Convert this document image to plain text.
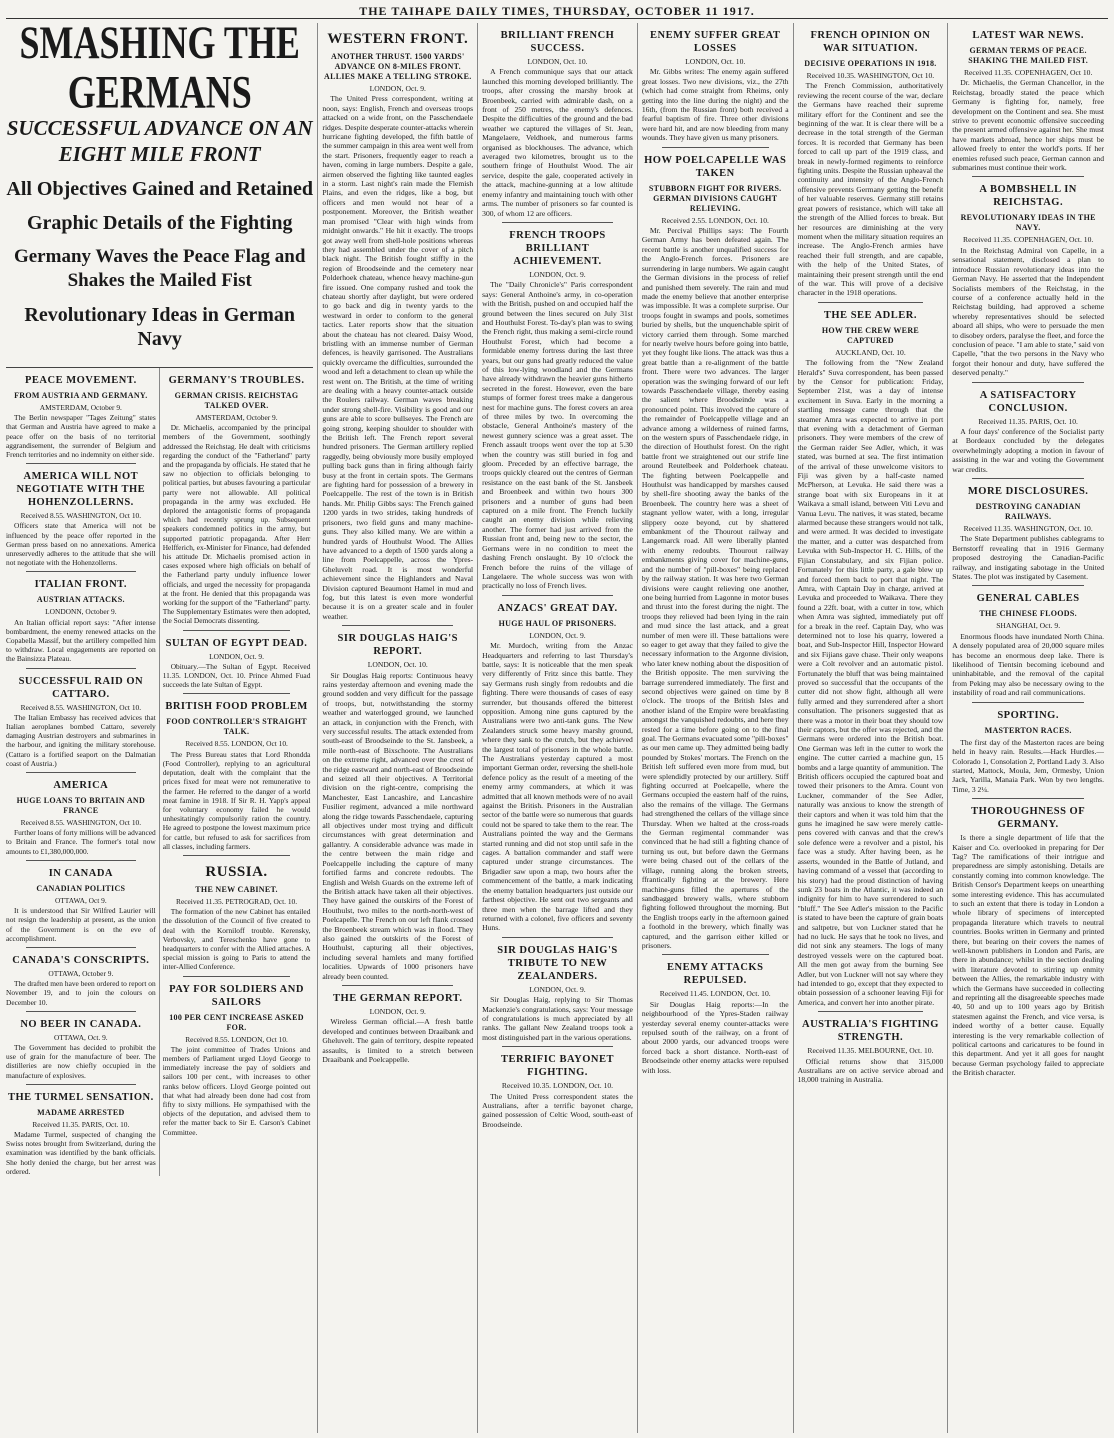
THE TAIHAPE DAILY TIMES, THURSDAY, OCTOBER 11 1917.
SMASHING THE GERMANS
SUCCESSFUL ADVANCE ON AN EIGHT MILE FRONT
All Objectives Gained and Retained
Graphic Details of the Fighting
Germany Waves the Peace Flag and Shakes the Mailed Fist
Revolutionary Ideas in German Navy
PEACE MOVEMENT.
FROM AUSTRIA AND GERMANY.
AMSTERDAM, October 9.

The Berlin newspaper "Tages Zeitung" states that German and Austria have agreed to make a peace offer on the basis of no territorial aggrandisement, the surrender of Belgium and French territories and no indemnity on either side.

AMERICA WILL NOT NEGOTIATE WITH THE HOHENZOLLERNS.
Received 8.55. WASHINGTON, Oct 10.

Officers state that America will not be influenced by the peace offer reported in the German press based on no annexations. America unreservedly adheres to the attitude that she will not negotiate with the Hohenzollerns.

ITALIAN FRONT.
AUSTRIAN ATTACKS.
LONDONN, October 9.

An Italian official report says: "After intense bombardment, the enemy renewed attacks on the Copabella Massif, but the artillery compelled him to withdraw. Local engagements are reported on the Bainsizza Plateau.

SUCCESSFUL RAID ON CATTARO.
Received 8.55. WASHINGTON, Oct 10.

The Italian Embassy has received advices that Italian aeroplanes bombed Cattaro, severely damaging Austrian destroyers and submarines in the harbour, and igniting the military storehouse. (Cattaro is a fortified seaport on the Dalmatian coast of Austria.)

AMERICA
HUGE LOANS TO BRITAIN AND FRANCE
Received 8.55. WASHINGTON, Oct 10.

Further loans of forty millions will be advanced to Britain and France. The former's total now amounts to £1,380,000,000.

IN CANADA
CANADIAN POLITICS
OTTAWA, Oct 9.

It is understood that Sir Wilfred Laurier will not resign the leadership at present, as the union of the Government is on the eve of accomplishment.

CANADA'S CONSCRIPTS.
OTTAWA, October 9.

The drafted men have been ordered to report on November 19, and to join the colours on December 10.

NO BEER IN CANADA.
OTTAWA, Oct. 9.

The Government has decided to prohibit the use of grain for the manufacture of beer. The distilleries are now chiefly occupied in the manufacture of explosives.

THE TURMEL SENSATION.
MADAME ARRESTED
Received 11.35. PARIS, Oct. 10.

Madame Turmel, suspected of changing the Swiss notes brought from Switzerland, during the examination was identified by the bank officials. She hotly denied the charge, but her arrest was ordered.

GERMANY'S TROUBLES.
GERMAN CRISIS. REICHSTAG TALKED OVER.
AMSTERDAM, October 9.

Dr. Michaelis, accompanied by the principal members of the Government, soothingly addressed the Reichstag. He dealt with criticisms regarding the conduct of the "Fatherland" party and the propaganda by officials. He stated that he saw no objection to officials belonging to political parties, but abuses favouring a particular party were not allowable. All political propaganda in the army was excluded. He deplored the antagonistic forms of propaganda which had recently sprung up. Subsequent speakers condemned politics in the army, but supported patriotic propaganda. After Herr Helfferich, ex-Minister for Finance, had defended his attitude Dr. Michaelis promised action in cases exposed where high officials on behalf of the Fatherland party unduly influence lower officials, and urged the necessity for propaganda at the front. He denied that this propaganda was working for the support of the "Fatherland" party. The Supplementary Estimates were then adopted, the Social Democrats dissenting.

SULTAN OF EGYPT DEAD.
LONDON, Oct. 9.

Obituary.—The Sultan of Egypt. Received 11.35. LONDON, Oct. 10. Prince Ahmed Fuad succeeds the late Sultan of Egypt.

BRITISH FOOD PROBLEM
FOOD CONTROLLER'S STRAIGHT TALK.
Received 8.55. LONDON, Oct 10.

The Press Bureau states that Lord Rhondda (Food Controller), replying to an agricultural deputation, dealt with the complaint that the prices fixed for meat were not remunerative to the farmer. He referred to the danger of a world meat famine in 1918. If Sir R. H. Yapp's appeal for voluntary economy failed he would unhesitatingly compulsorily ration the country. He agreed to postpone the lowest maximum price for cattle, but refused to ask for sacrifices from all classes, including farmers.

RUSSIA.
THE NEW CABINET.
Received 11.35. PETROGRAD, Oct. 10.

The formation of the new Cabinet has entailed the dissolution of the Council of five created to deal with the Korniloff trouble. Kerensky, Verbovsky, and Tereschenko have gone to headquarters to confer with the Allied attaches. A special mission is going to Paris to attend the inter-Allied Conference.

PAY FOR SOLDIERS AND SAILORS
100 PER CENT INCREASE ASKED FOR.
Received 8.55. LONDON, Oct 10.

The joint committee of Trades Unions and members of Parliament urged Lloyd George to immediately increase the pay of soldiers and sailors 100 per cent., with increases to other ranks below officers. Lloyd George pointed out that what had already been done had cost from fifty to sixty millions. He sympathised with the objects of the deputation, and advised them to refer the matter back to Sir E. Carson's Cabinet Committee.

WESTERN FRONT.
ANOTHER THRUST. 1500 YARDS' ADVANCE ON 8-MILES FRONT. ALLIES MAKE A TELLING STROKE.
LONDON, Oct. 9.

The United Press correspondent, writing at noon, says: English, French and overseas troops attacked on a wide front, on the Passchendaele ridges. Despite desperate counter-attacks wherein hurricane fighting developed, the fifth battle of the summer campaign in this area went well from the start. Prisoners, frequently eager to reach a haven, coming in large numbers. Despite a gale, airmen observed the fighting like taunted eagles in a storm. Last night's rain made the Flemish Plains, and even the ridges, like a bog, but officers and men would not hear of a postponement. Moreover, the British weather man promised "Clear with high winds from midnight onwards." He hit it exactly. The troops got away well from shell-hole positions whereas they had assembled under the cover of a pitch black night. The British fought stiffly in the region of Broodseinde and the cemetery near Polderhoek chateau, whence heavy machine-gun fire issued. One company rushed and took the chateau shortly after daylight, but were ordered to go back and dig in twenty yards to the westward in order to conform to the general tactics. Later reports show that the situation about the chateau has not cleared. Daisy Wood, bristling with an immense number of German defences, is heavily garrisoned. The Australians quickly overcame the difficulties, surrounded the wood and left a detachment to clean up while the rest went on. The British, at the time of writing are dealing with a heavy counter-attack outside the Roulers railway. German waves breaking under strong shell-fire. Visibility is good and our guns are able to score bullseyes. The French are going strong, keeping shoulder to shoulder with the British left. The French report several hundred prisoners. The German artillery replied raggedly, being obviously more busily employed pulling back guns than in firing although fairly busy at the front in certain spots. The Germans are fighting hard for possession of a brewery in Poelcappelle. The rest of the town is in British hands. Mr. Philip Gibbs says: The French gained 1200 yards in two strides, taking hundreds of prisoners, two field guns and many machine-guns. They also killed many. We are within a hundred yards of Houthulst Wood. The Allies have advanced to a depth of 1500 yards along a line from Poelcappelle, across the Ypres-Gheluvelt road. It is most wonderful achievement since the Highlanders and Naval Division captured Beaumont Hamel in mud and fog, but this latest is even more wonderful because it is on a greater scale and in fouler weather.

SIR DOUGLAS HAIG'S REPORT.
LONDON, Oct. 10.

Sir Douglas Haig reports: Continuous heavy rains yesterday afternoon and evening made the ground sodden and very difficult for the passage of troops, but, notwithstanding the stormy weather and waterlogged ground, we launched an attack, in conjunction with the French, with very successful results. The attack extended from south-east of Broodseinde to the St. Jansbeek, a mile north-east of Bixschoote. The Australians on the extreme right, advanced over the crest of the ridge eastward and north-east of Broodseinde and seized all their objectives. A Territorial division on the right-centre, comprising the Manchester, East Lancashire, and Lancashire Fusilier regiment, advanced a mile northward along the ridge towards Passchendaele, capturing all objectives under most trying and difficult circumstances with great determination and gallantry. A considerable advance was made in the centre between the main ridge and Poelcappelle including the capture of many fortified farms and concrete redoubts. The English and Welsh Guards on the extreme left of the British attack have taken all their objectives. They have gained the outskirts of the Forest of Houthulst, two miles to the north-north-west of Poelcapelle. The French on our left flank crossed the Broenbeek stream which was in flood. They also gained the outskirts of the Forest of Houthulst, capturing all their objectives, including several hamlets and many fortified localities. Upwards of 1000 prisoners have already been counted.

THE GERMAN REPORT.
LONDON, Oct. 9.

Wireless German official.—A fresh battle developed and continues between Draaibank and Gheluvelt. The gain of territory, despite repeated assaults, is limited to a stretch between Draaibank and Poelcappelle.

BRILLIANT FRENCH SUCCESS.
LONDON, Oct. 10.

A French communique says that our attack launched this morning developed brilliantly. The troops, after crossing the marshy brook at Broenbeek, carried with admirable dash, on a front of 250 metres, the enemy's defences. Despite the difficulties of the ground and the bad weather we captured the villages of St. Jean, Mangelaere, Veldhoek, and numerous farms organised as blockhouses. The advance, which averaged two kilometres, brought us to the southern fringe of Houthulst Wood. The air service, despite the gale, cooperated actively in the attack, machine-gunning at a low altitude enemy infantry and maintaining touch with other arms. The number of prisoners so far counted is 300, of whom 12 are officers.

FRENCH TROOPS BRILLIANT ACHIEVEMENT.
LONDON, Oct. 9.

The "Daily Chronicle's" Paris correspondent says: General Anthoine's army, in co-operation with the British, pushed on and occupied half the ground between the lines secured on July 31st and Houthulst Forest. To-day's plan was to swing the French right, thus making a semi-circle round Houthulst Forest, which had become a formidable enemy fortress during the last three years, but our guns had greatly reduced the value of this low-lying woodland and the Germans have already withdrawn the heavier guns hitherto secreted in the forest. However, even the bare stumps of former forest trees make a dangerous nest for machine guns. The forest covers an area of three miles by two. In overcoming the obstacle, General Anthoine's mastery of the newest gunnery science was a great asset. The French assault troops went over the top at 5.30 when the country was still buried in fog and gloom. Preceded by an effective barrage, the troops quickly cleared out the centres of German resistance on the east bank of the St. Jansbeek and Broenbeek and within two hours 300 prisoners and a number of guns had been captured on a mile front. The French luckily caught an enemy division while relieving another. The former had just arrived from the Russian front and, being new to the sector, the Germans were in no condition to meet the dashing French onslaught. By 10 o'clock the French before the ruins of the village of Langelaere. The whole success was won with practically no loss of French lives.

ANZACS' GREAT DAY.
HUGE HAUL OF PRISONERS.
LONDON, Oct. 9.

Mr. Murdoch, writing from the Anzac Headquarters and referring to last Thursday's battle, says: It is noticeable that the men speak very differently of Fritz since this battle. They say Germans rush singly from redoubts and die fighting. There were thousands of cases of easy surrender, but thousands offered the bitterest opposition. Among nine guns captured by the Australians were two anti-tank guns. The New Zealanders struck some heavy marshy ground, where they sank to the crutch, but they achieved the largest total of prisoners in the whole battle. The Australians yesterday captured a most important German order, reversing the shell-hole defence policy as the result of a meeting of the enemy army commanders, at which it was admitted that all known methods were of no avail against the British. Prisoners in the Australian sector of the battle were so numerous that guards could not be spared to take them to the rear. The Australians pointed the way and the Germans started running and did not stop until safe in the cages. A battalion commander and staff were captured under strange circumstances. The Brigadier saw upon a map, two hours after the commencement of the battle, a mark indicating the enemy battalion headquarters just outside our farthest objective. He sent out two sergeants and three men when the barrage lifted and they returned with a colonel, five officers and seventy Huns.

SIR DOUGLAS HAIG'S TRIBUTE TO NEW ZEALANDERS.
LONDON, Oct. 9.

Sir Douglas Haig, replying to Sir Thomas Mackenzie's congratulations, says: Your message of congratulations is much appreciated by all ranks. The gallant New Zealand troops took a most distinguished part in the various operations.

TERRIFIC BAYONET FIGHTING.
Received 10.35. LONDON, Oct. 10.

The United Press correspondent states the Australians, after a terrific bayonet charge, gained possession of Celtic Wood, south-east of Broodseinde.

ENEMY SUFFER GREAT LOSSES
LONDON, Oct. 10.

Mr. Gibbs writes: The enemy again suffered great losses. Two new divisions, viz., the 27th (which had come straight from Rheims, only getting into the line during the night) and the 16th, (from the Russian front) both received a fearful baptism of fire. Three other divisions were hard hit, and are now bleeding from many wounds. They have given us many prisoners.

HOW POELCAPELLE WAS TAKEN
STUBBORN FIGHT FOR RIVERS. GERMAN DIVISIONS CAUGHT RELIEVING.
Received 2.55. LONDON, Oct. 10.

Mr. Percival Phillips says: The Fourth German Army has been defeated again. The recent battle is another unqualified success for the Anglo-French forces. Prisoners are surrendering in large numbers. We again caught the German divisions in the process of relief and punished them severely. The rain and mud made the enemy believe that another enterprise was impossible. It was a complete surprise. Our troops fought in swamps and pools, sometimes buried by shells, but the unquenchable spirit of victory carried them through. Some marched for nearly twelve hours before going into battle, yet they fought like lions. The attack was thus a great battle than a re-alignment of the battle front. There were two advances. The larger operation was the swinging forward of our left towards Passchendaele village, thereby easing the salient where Broodseinde was a pronounced point. This involved the capture of the remainder of Poelcappelle village and an advance among a wilderness of ruined farms, on the western spurs of Passchendaele ridge, in the direction of Houthulst forest. On the right battle front we straightened out our strife line around Reutelbeek and Polderhoek chateau. The fighting between Poelcappelle and Houthulst was handicapped by marshes caused by shell-fire shooting away the banks of the Broenbeek. The country here was a sheet of stagnant yellow water, with a long, irregular slippery ooze beyond, cut by shattered embankment of the Thourout railway and Langemarck road. All were liberally planted with enemy redoubts. Thourout railway embankments giving cover for machine-guns, and the number of "pill-boxes" being replaced by the railway station. It was here two German divisions were caught relieving one another, one being hurried from Lagonne in motor buses and thrust into the forest during the night. The troops they relieved had been lying in the rain and mud since the last attack, and a great number of men were ill. These battalions were so eager to get away that they failed to give the necessary information to the Argonne division, who later knew nothing about the disposition of the British opposite. The men surviving the barrage surrendered immediately. The first and second objectives were gained on time by 8 o'clock. The troops of the British Isles and another island of the Empire were breakfasting amongst the vanquished redoubts, and here they rested for a time before going on to the final goal. The Germans evacuated some "pill-boxes" as our men came up. They admitted being badly pounded by Stokes' mortars. The French on the British left suffered even more from mud, but were splendidly protected by our artillery. Stiff fighting occurred at Poelcapelle, where the Germans occupied the eastern half of the ruins, also the remains of the village. The Germans had strengthened the cellars of the village since Thursday. When we halted at the cross-roads the German regimental commander was convinced that he had still a fighting chance of turning us out, but before dawn the Germans were being chased out of the cellars of the village, running along the broken streets, ffrantically fighting at the brewery. Here machine-guns filled the apertures of the sandbagged brewery walls, where stubborn fighting followed throughout the morning. But the English troops early in the afternoon gained a foothold in the brewery, which finally was captured, and the garrison either killed or prisoners.

ENEMY ATTACKS REPULSED.
Received 11.45. LONDON, Oct. 10.

Sir Douglas Haig reports:—In the neighbourhood of the Ypres-Staden railway yesterday several enemy counter-attacks were repulsed south of the railway, on a front of about 2000 yards, our advanced troops were forced back a short distance. North-east of Broodseinde other enemy attacks were repulsed with loss.

FRENCH OPINION ON WAR SITUATION.
DECISIVE OPERATIONS IN 1918.
Received 10.35. WASHINGTON, Oct 10.

The French Commission, authoritatively reviewing the recent course of the war, declare the Germans have reached their supreme military effort for the Continent and see the beginning of the war. It is clear there will be a decrease in the total strength of the German forces. It is recorded that Germany has been forced to call up part of the 1919 class, and break in newly-formed regiments to reinforce fighting units. Despite the Russian upheaval the continuity and intensity of the Anglo-French offensive prevents Germany getting the benefit of her valuable reserves. Germany still retains great powers of resistance, which will take all the strength of the Allied forces to break. But her resources are diminishing at the very moment when the military situation requires an increase. The Anglo-French armies have reached their full strength, and are capable, with the help of the United States, of maintaining their present strength until the end of the war. This will prove of a decisive character in the 1918 operations.

THE SEE ADLER.
HOW THE CREW WERE CAPTURED
AUCKLAND, Oct. 10.

The following from the "New Zealand Herald's" Suva correspondent, has been passed by the Censor for publication: Friday, September 21st, was a day of intense excitement in Suva. Early in the morning a startling message came through that the steamer Amra was expected to arrive in port that evening with a detachment of German prisoners. They were members of the crew of the German raider See Adler, which, it was stated, was burned at sea. The first intimation of the arrival of these unwelcome visitors to Fiji was given by a half-caste named McPherson, at Levuka. He said there was a strange boat with six Europeans in it at Waikava a small island, between Viti Levu and Vanua Levu. The natives, it was stated, became alarmed because these strangers would not talk, and were armed. It was decided to investigate the matter, and a cutter was despatched from Levuka with Sub-Inspector H. C. Hills, of the Fijian Constabulary, and six Fijian police. Fortunately for this little party, a gale blew up and forced them back to port that night. The Amra, with Captain Day in charge, arrived at Levuka and proceeded to Waikava. There they found a 22ft. boat, with a cutter in tow, which when Amra was sighted, immediately put off for a break in the reef. Captain Day, who was determined not to lose his quarry, lowered a boat, and Sub-Inspector Hill, Inspector Howard and six Fijians gave chase. Their only weapons were a Colt revolver and an automatic pistol. Fortunately the bluff that was being maintained proved so successful that the occupants of the cutter did not show fight, although all were fully armed and they surrendered after a short consultation. The prisoners suggested that as there was a motor in their boat they should tow their captors, but the offer was rejected, and the Germans were ordered into the British boat. One German was left in the cutter to work the engine. The cutter carried a machine gun, 15 bombs and a large quantity of ammunition. The British officers occupied the captured boat and towed their prisoners to the Amra. Count von Luckner, commander of the See Adler, naturally was anxious to know the strength of their captors and when it was told him that the guns he imagined he saw were merely cattle-pens covered with canvas and that the crew's sole defence were a revolver and a pistol, his face was a study. After having been, as he asserts, wounded in the Battle of Jutland, and having command of a vessel that (according to his story) had the proud distinction of having sunk 23 boats in the Atlantic, it was indeed an indignity for him to have surrendered to such "bluff." The See Adler's mission to the Pacific is stated to have been the capture of grain boats and saltpetre, but von Luckner stated that he had no luck. He says that he took no lives, and did not sink any steamers. The logs of many destroyed vessels were on the captured boat. All the men got away from the burning See Adler, but von Luckner will not say where they had intended to go, except that they expected to obtain possession of a schooner leaving Fiji for America, and convert her into another pirate.

AUSTRALIA'S FIGHTING STRENGTH.
Received 11.35. MELBOURNE, Oct. 10.

Official returns show that 315,000 Australians are on active service abroad and 18,000 training in Australia.

LATEST WAR NEWS.
GERMAN TERMS OF PEACE. SHAKING THE MAILED FIST.
Received 11.35. COPENHAGEN, Oct 10.

Dr. Michaelis, the German Chancellor, in the Reichstag, broadly stated the peace which Germany is fighting for, namely, free development on the Continent and sea. She must strive to prevent economic offensive succeeding the present armed offensive against her. She must have markets abroad, hence her ships must be allowed freely to enter the world's ports. If her enemies refused such peace, German cannon and submarines must continue their work.

A BOMBSHELL IN REICHSTAG.
REVOLUTIONARY IDEAS IN THE NAVY.
Received 11.35. COPENHAGEN, Oct. 10.

In the Reichstag Admiral von Capelle, in a sensational statement, disclosed a plan to introduce Russian revolutionary ideas into the German Navy. He asserted that the Independent Socialists members of the Reichstag, in the course of a conference actually held in the Reichstag building, had approved a scheme whereby representatives should be selected aboard all ships, who were to persuade the men to disobey orders, paralyse the fleet, and force the conclusion of peace. "I am able to state," said von Capelle, "that the two persons in the Navy who forgot their honour and duty, have suffered the deserved penalty."

A SATISFACTORY CONCLUSION.
Received 11.35. PARIS, Oct. 10.

A four days' conference of the Socialist party at Bordeaux concluded by the delegates overwhelmingly adopting a motion in favour of assisting in the war and voting the Government war credits.

MORE DISCLOSURES.
DESTROYING CANADIAN RAILWAYS.
Received 11.35. WASHINGTON, Oct. 10.

The State Department publishes cablegrams to Bernstorff revealing that in 1916 Germany proposed destroying the Canadian-Pacific railway, and instigating sabotage in the United States. The plot was instigated by Casement.

GENERAL CABLES
THE CHINESE FLOODS.
SHANGHAI, Oct. 9.

Enormous floods have inundated North China. A densely populated area of 20,000 square miles has become an enormous deep lake. There is likelihood of Tientsin becoming icebound and uninhabitable, and the removal of the capital from Peking may also be necessary owing to the instability of road and rail communications.

SPORTING.
MASTERTON RACES.

The first day of the Masterton races are being held in heavy rain. Results.—Hack Hurdles.—Colorado 1, Consolation 2, Portland Lady 3. Also started, Mattock, Moula, Jem, Ormesby, Union Jack, Yarilla, Manaia Park. Won by two lengths. Time, 3 2¼.

THOROUGHNESS OF GERMANY.

Is there a single department of life that the Kaiser and Co. overlooked in preparing for Der Tag? The ramifications of their intrigue and preparedness are simply astonishing. Details are constantly coming into common knowledge. The British Censor's Department keeps on unearthing some interesting evidence. This has accumulated to such an extent that there is today in London a whole library of specimens of intercepted propaganda literature which travels to neutral countries. Books written in Germany and printed there, but bearing on their covers the names of well-known publishers in London and Paris, are there in abundance; whilst in the section dealing with literature devoted to stirring up enmity between the Allies, the remarkable industry with which the Germans have succeeded in collecting and reprinting all the disagreeable speeches made 40, 50 and up to 100 years ago by British statesmen against the French, and vice versa, is indeed worthy of a better cause. Equally interesting is the very remarkable collection of political cartoons and caricatures to be found in this department. And yet it all goes for naught because German psychology failed to appreciate the British character.
